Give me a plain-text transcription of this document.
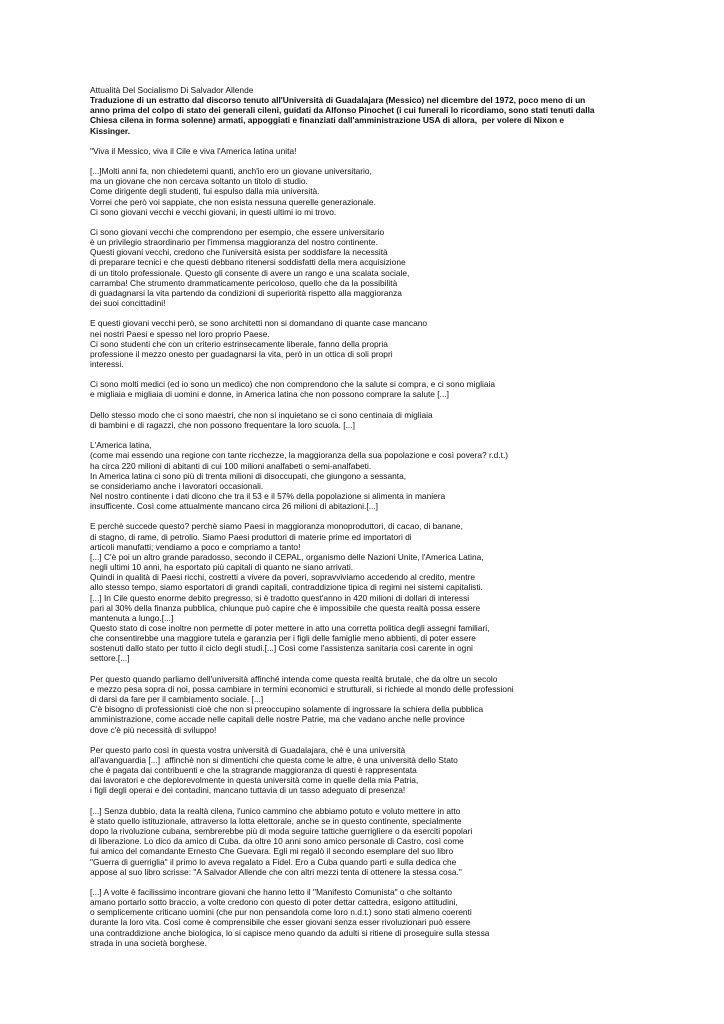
Attualità Del Socialismo Di Salvador Allende

Traduzione di un estratto dal discorso tenuto all'Università di Guadalajara (Messico) nel dicembre del 1972, poco meno di un
anno prima del colpo di stato dei generali cileni, guidati da Alfonso Pinochet (i cui funerali lo ricordiamo, sono stati tenuti dalla
Chiesa cilena in forma solenne) armati, appoggiati e finanziati dall'amministrazione USA di allora,  per volere di Nixon e
Kissinger.

"Viva il Messico, viva il Cile e viva l'America latina unita!

[...]Molti anni fa, non chiedetemi quanti, anch'io ero un giovane universitario,
ma un giovane che non cercava soltanto un titolo di studio.
Come dirigente degli studenti, fui espulso dalla mia università.
Vorrei che però voi sappiate, che non esista nessuna querelle generazionale.
Ci sono giovani vecchi e vecchi giovani, in questi ultimi io mi trovo.

Ci sono giovani vecchi che comprendono per esempio, che essere universitario
è un privilegio straordinario per l'immensa maggioranza del nostro continente.
Questi giovani vecchi, credono che l'università esista per soddisfare la necessità
di preparare tecnici e che questi debbano ritenersi soddisfatti della mera acquisizione
di un titolo professionale. Questo gli consente di avere un rango e una scalata sociale,
carramba! Che strumento drammaticamente pericoloso, quello che da la possibilità
di guadagnarsi la vita partendo da condizioni di superiorità rispetto alla maggioranza
dei suoi concittadini!

E questi giovani vecchi però, se sono architetti non si domandano di quante case mancano
nei nostri Paesi e spesso nel loro proprio Paese.
Ci sono studenti che con un criterio estrinsecamente liberale, fanno della propria
professione il mezzo onesto per guadagnarsi la vita, però in un ottica di soli propri
interessi.

Ci sono molti medici (ed io sono un medico) che non comprendono che la salute si compra, e ci sono migliaia
e migliaia e migliaia di uomini e donne, in America latina che non possono comprare la salute [...]

Dello stesso modo che ci sono maestri, che non si inquietano se ci sono centinaia di migliaia
di bambini e di ragazzi, che non possono frequentare la loro scuola. [...]

L'America latina,
(come mai essendo una regione con tante ricchezze, la maggioranza della sua popolazione e così povera? r.d.t.)
ha circa 220 milioni di abitanti di cui 100 milioni analfabeti o semi-analfabeti.
In America latina ci sono più di trenta milioni di disoccupati, che giungono a sessanta,
se consideriamo anche i lavoratori occasionali.
Nel nostro continente i dati dicono che tra il 53 e il 57% della popolazione si alimenta in maniera
insufficente. Così come attualmente mancano circa 26 milioni di abitazioni.[...]

E perchè succede questo? perchè siamo Paesi in maggioranza monoproduttori, di cacao, di banane,
di stagno, di rame, di petrolio. Siamo Paesi produttori di materie prime ed importatori di
articoli manufatti; vendiamo a poco e compriamo a tanto!
[...] C'è poi un altro grande paradosso, secondo il CEPAL, organismo delle Nazioni Unite, l'America Latina,
negli ultimi 10 anni, ha esportato più capitali di quanto ne siano arrivati.
Quindi in qualità di Paesi ricchi, costretti a vivere da poveri, sopravviviamo accedendo al credito, mentre
allo stesso tempo, siamo esportatori di grandi capitali, contraddizione tipica di regimi nei sistemi capitalisti.
[...] In Cile questo enorme debito pregresso, si è tradotto quest'anno in 420 milioni di dollari di interessi
pari al 30% della finanza pubblica, chiunque può capire che è impossibile che questa realtà possa essere
mantenuta a lungo.[...]
Questo stato di cose inoltre non permette di poter mettere in atto una corretta politica degli assegni familiari,
che consentirebbe una maggiore tutela e garanzia per i figli delle famiglie meno abbienti, di poter essere
sostenuti dallo stato per tutto il ciclo degli studi.[...] Così come l'assistenza sanitaria così carente in ogni
settore.[...]

Per questo quando parliamo dell'università affinché intenda come questa realtà brutale, che da oltre un secolo
e mezzo pesa sopra di noi, possa cambiare in termini economici e strutturali, si richiede al mondo delle professioni
di darsi da fare per il cambiamento sociale. [...]
C'è bisogno di professionisti cioè che non si preoccupino solamente di ingrossare la schiera della pubblica
amministrazione, come accade nelle capitali delle nostre Patrie, ma che vadano anche nelle province
dove c'è più necessità di sviluppo!

Per questo parlo così in questa vostra università di Guadalajara, chè è una università
all'avanguardia [...]  affinchè non si dimentichi che questa come le altre, è una università dello Stato
che è pagata dai contribuenti e che la stragrande maggioranza di questi è rappresentata
dai lavoratori e che deplorevolmente in questa università come in quelle della mia Patria,
i figli degli operai e dei contadini, mancano tuttavia di un tasso adeguato di presenza!

[...] Senza dubbio, data la realtà cilena, l'unico cammino che abbiamo potuto e voluto mettere in atto
è stato quello istituzionale, attraverso la lotta elettorale, anche se in questo continente, specialmente
dopo la rivoluzione cubana, sembrerebbe più di moda seguire tattiche guerrigliere o da eserciti popolari
di liberazione. Lo dico da amico di Cuba. da oltre 10 anni sono amico personale di Castro, così come
fui amico del comandante Ernesto Che Guevara. Egli mi regalò il secondo esemplare del suo libro
"Guerra di guerriglia" il primo lo aveva regalato a Fidel. Ero a Cuba quando partì e sulla dedica che
appose al suo libro scrisse: "A Salvador Allende che con altri mezzi tenta di ottenere la stessa cosa."

[...] A volte è facilissimo incontrare giovani che hanno letto il "Manifesto Comunista" o che soltanto
amano portarlo sotto braccio, a volte credono con questo di poter dettar cattedra, esigono attitudini,
o semplicemente criticano uomini (che pur non pensandola come loro n.d.t.) sono stati almeno coerenti
durante la loro vita. Così come è comprensibile che esser giovani senza esser rivoluzionari può essere
una contraddizione anche biologica, lo si capisce meno quando da adulti si ritiene di proseguire sulla stessa
strada in una società borghese.
